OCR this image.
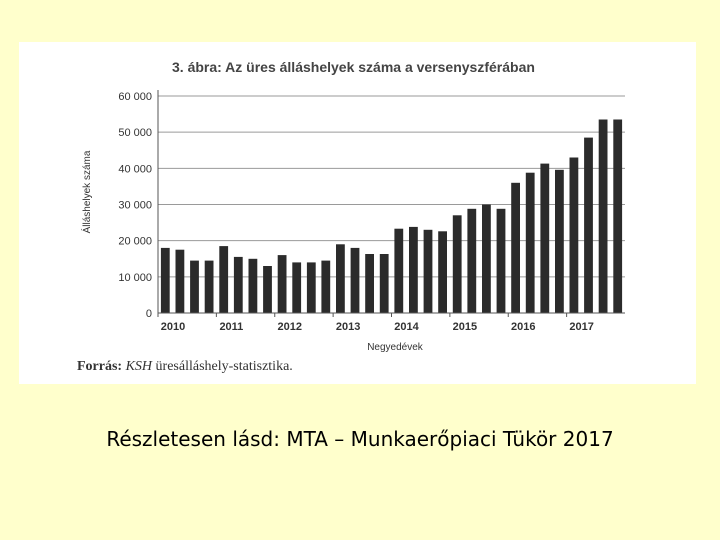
0
10 000
20 000
30 000
40 000
50 000
60 000
2010	2011	2012	2013	2014	2015	2016	2017
Álláshelyek száma
Negyedévek
3. ábra: Az üres álláshelyek száma a versenyszférában
Forrás: KSH üresálláshely-statisztika.
Részletesen lásd: MTA – Munkaerőpiaci Tükör 2017
